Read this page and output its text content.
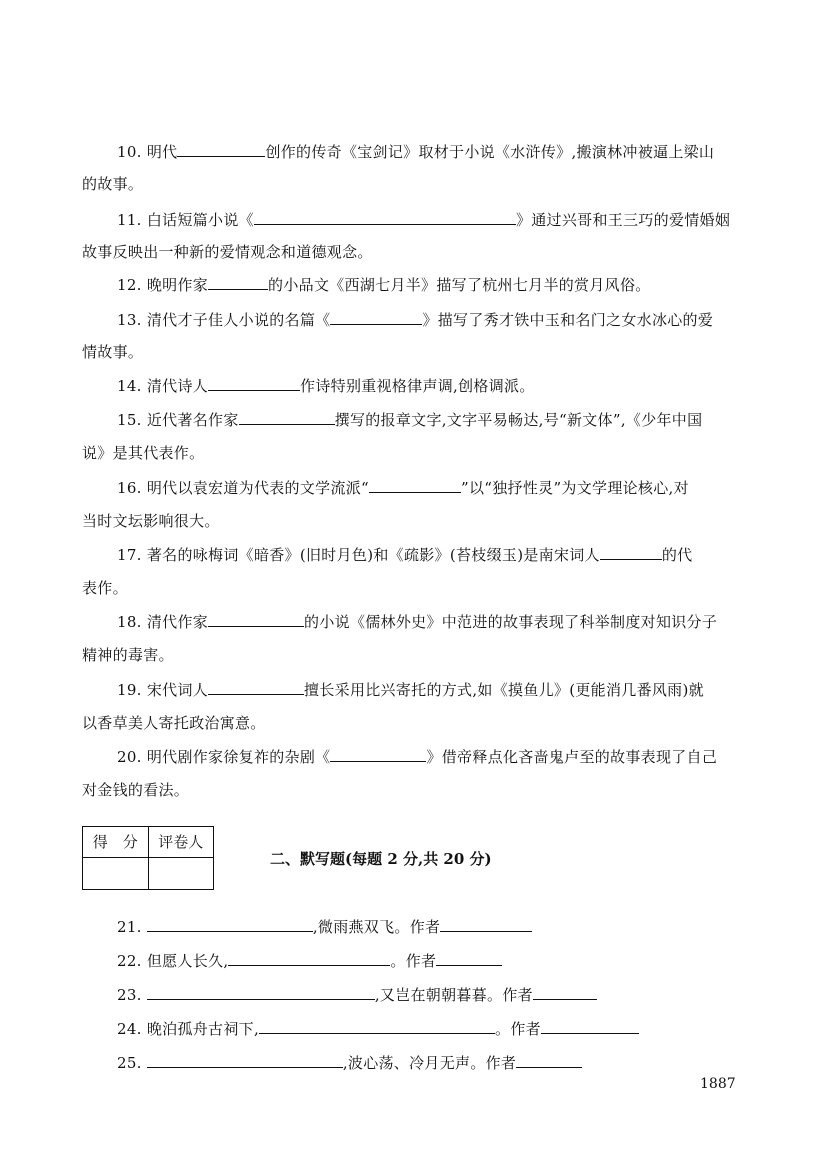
10. 明代	创作的传奇《宝剑记》取材于小说《水浒传》,搬演林冲被逼上梁山
的故事。
11. 白话短篇小说《	》通过兴哥和王三巧的爱情婚姻
故事反映出一种新的爱情观念和道德观念。
12. 晚明作家	的小品文《西湖七月半》描写了杭州七月半的赏月风俗。
13. 清代才子佳人小说的名篇《	》描写了秀才铁中玉和名门之女水冰心的爱
情故事。
14. 清代诗人	作诗特别重视格律声调,创格调派。
15. 近代著名作家	撰写的报章文字,文字平易畅达,号“新文体”,《少年中国
说》是其代表作。
16. 明代以袁宏道为代表的文学流派“	”以“独抒性灵”为文学理论核心,对
当时文坛影响很大。
17. 著名的咏梅词《暗香》(旧时月色)和《疏影》(苔枝缀玉)是南宋词人	的代
表作。
18. 清代作家	的小说《儒林外史》中范进的故事表现了科举制度对知识分子
精神的毒害。
19. 宋代词人	擅长采用比兴寄托的方式,如《摸鱼儿》(更能消几番风雨)就
以香草美人寄托政治寓意。
20. 明代剧作家徐复祚的杂剧《	》借帝释点化吝啬鬼卢至的故事表现了自己
对金钱的看法。
得　分	评卷人

二、默写题(每题 2 分,共 20 分)
21.	,微雨燕双飞。作者
22. 但愿人长久,	。作者
23.	,又岂在朝朝暮暮。作者
24. 晚泊孤舟古祠下,	。作者
25.	,波心荡、冷月无声。作者
1887
